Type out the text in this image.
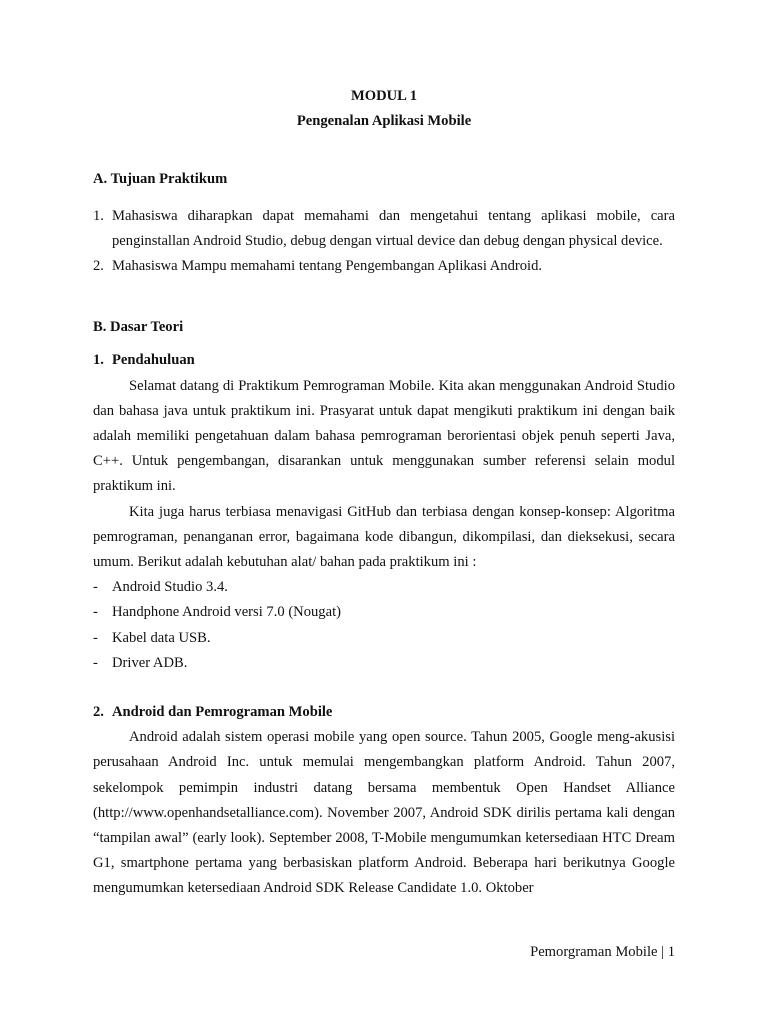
MODUL 1
Pengenalan Aplikasi Mobile
A. Tujuan Praktikum
1. Mahasiswa diharapkan dapat memahami dan mengetahui tentang aplikasi mobile, cara penginstallan Android Studio, debug dengan virtual device dan debug dengan physical device.
2. Mahasiswa Mampu memahami tentang Pengembangan Aplikasi Android.
B. Dasar Teori
1. Pendahuluan
Selamat datang di Praktikum Pemrograman Mobile. Kita akan menggunakan Android Studio dan bahasa java untuk praktikum ini. Prasyarat untuk dapat mengikuti praktikum ini dengan baik adalah memiliki pengetahuan dalam bahasa pemrograman berorientasi objek penuh seperti Java, C++. Untuk pengembangan, disarankan untuk menggunakan sumber referensi selain modul praktikum ini.
Kita juga harus terbiasa menavigasi GitHub dan terbiasa dengan konsep-konsep: Algoritma pemrograman, penanganan error, bagaimana kode dibangun, dikompilasi, dan dieksekusi, secara umum. Berikut adalah kebutuhan alat/ bahan pada praktikum ini :
- Android Studio 3.4.
- Handphone Android versi 7.0 (Nougat)
- Kabel data USB.
- Driver ADB.
2. Android dan Pemrograman Mobile
Android adalah sistem operasi mobile yang open source. Tahun 2005, Google meng-akusisi perusahaan Android Inc. untuk memulai mengembangkan platform Android. Tahun 2007, sekelompok pemimpin industri datang bersama membentuk Open Handset Alliance (http://www.openhandsetalliance.com). November 2007, Android SDK dirilis pertama kali dengan “tampilan awal” (early look). September 2008, T-Mobile mengumumkan ketersediaan HTC Dream G1, smartphone pertama yang berbasiskan platform Android. Beberapa hari berikutnya Google mengumumkan ketersediaan Android SDK Release Candidate 1.0. Oktober
Pemorgraman Mobile | 1
